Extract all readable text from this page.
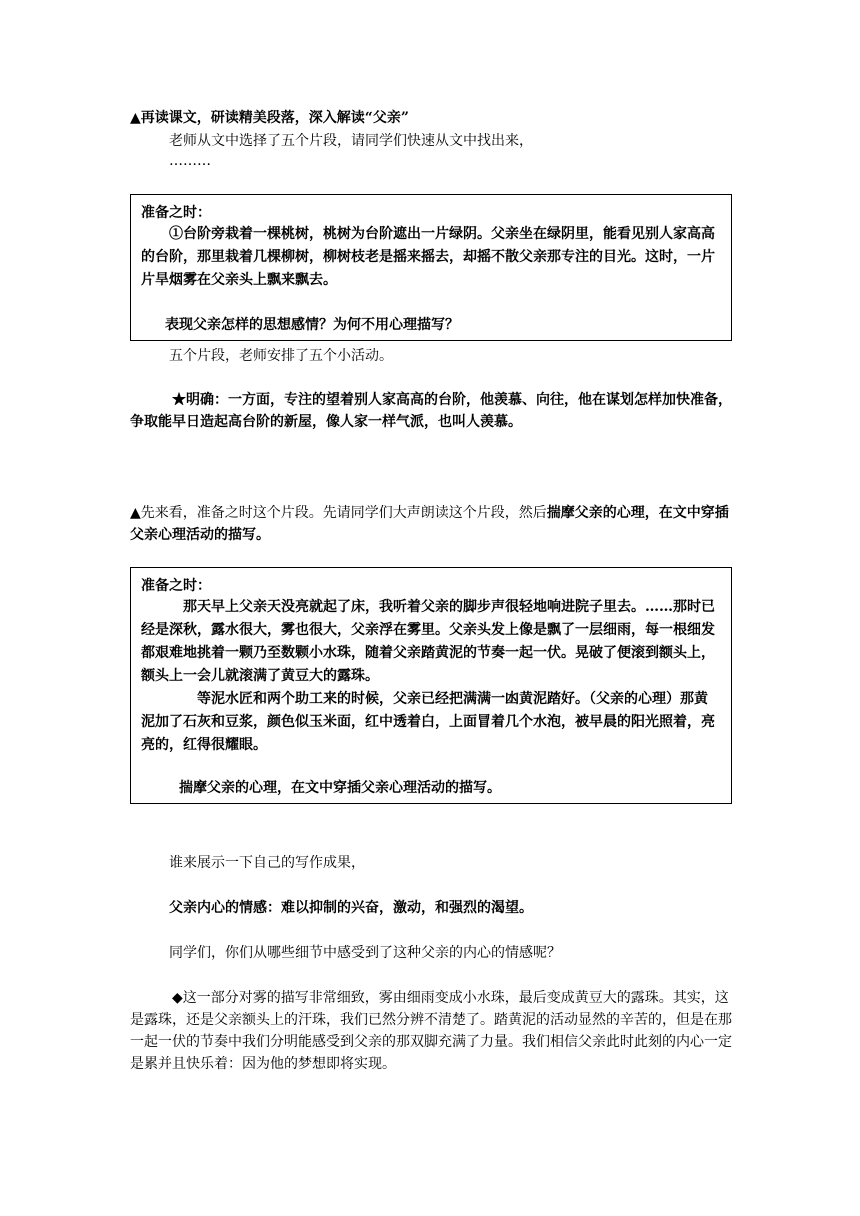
▲再读课文，研读精美段落，深入解读“父亲”
老师从文中选择了五个片段，请同学们快速从文中找出来，
………
准备之时：
①台阶旁栽着一棵桃树，桃树为台阶遮出一片绿阴。父亲坐在绿阴里，能看见别人家高高的台阶，那里栽着几棵柳树，柳树枝老是摇来摇去，却摇不散父亲那专注的目光。这时，一片片旱烟雾在父亲头上飘来飘去。
表现父亲怎样的思想感情？为何不用心理描写？
五个片段，老师安排了五个小活动。
★明确：一方面，专注的望着别人家高高的台阶，他羡慕、向往，他在谋划怎样加快准备，争取能早日造起高台阶的新屋，像人家一样气派，也叫人羡慕。
▲先来看，准备之时这个片段。先请同学们大声朗读这个片段，然后揣摩父亲的心理，在文中穿插父亲心理活动的描写。
准备之时：
那天早上父亲天没亮就起了床，我听着父亲的脚步声很轻地响进院子里去。……那时已经是深秋，露水很大，雾也很大，父亲浮在雾里。父亲头发上像是飘了一层细雨，每一根细发都艰难地挑着一颗乃至数颗小水珠，随着父亲踏黄泥的节奏一起一伏。晃破了便滚到额头上，额头上一会儿就滚满了黄豆大的露珠。
等泥水匠和两个助工来的时候，父亲已经把满满一凼黄泥踏好。（父亲的心理）那黄泥加了石灰和豆浆，颜色似玉米面，红中透着白，上面冒着几个水泡，被早晨的阳光照着，亮亮的，红得很耀眼。
揣摩父亲的心理，在文中穿插父亲心理活动的描写。
谁来展示一下自己的写作成果，
父亲内心的情感：难以抑制的兴奋，激动，和强烈的渴望。
同学们，你们从哪些细节中感受到了这种父亲的内心的情感呢？
◆这一部分对雾的描写非常细致，雾由细雨变成小水珠，最后变成黄豆大的露珠。其实，这是露珠，还是父亲额头上的汗珠，我们已然分辨不清楚了。踏黄泥的活动显然的辛苦的，但是在那一起一伏的节奏中我们分明能感受到父亲的那双脚充满了力量。我们相信父亲此时此刻的内心一定是累并且快乐着：因为他的梦想即将实现。
